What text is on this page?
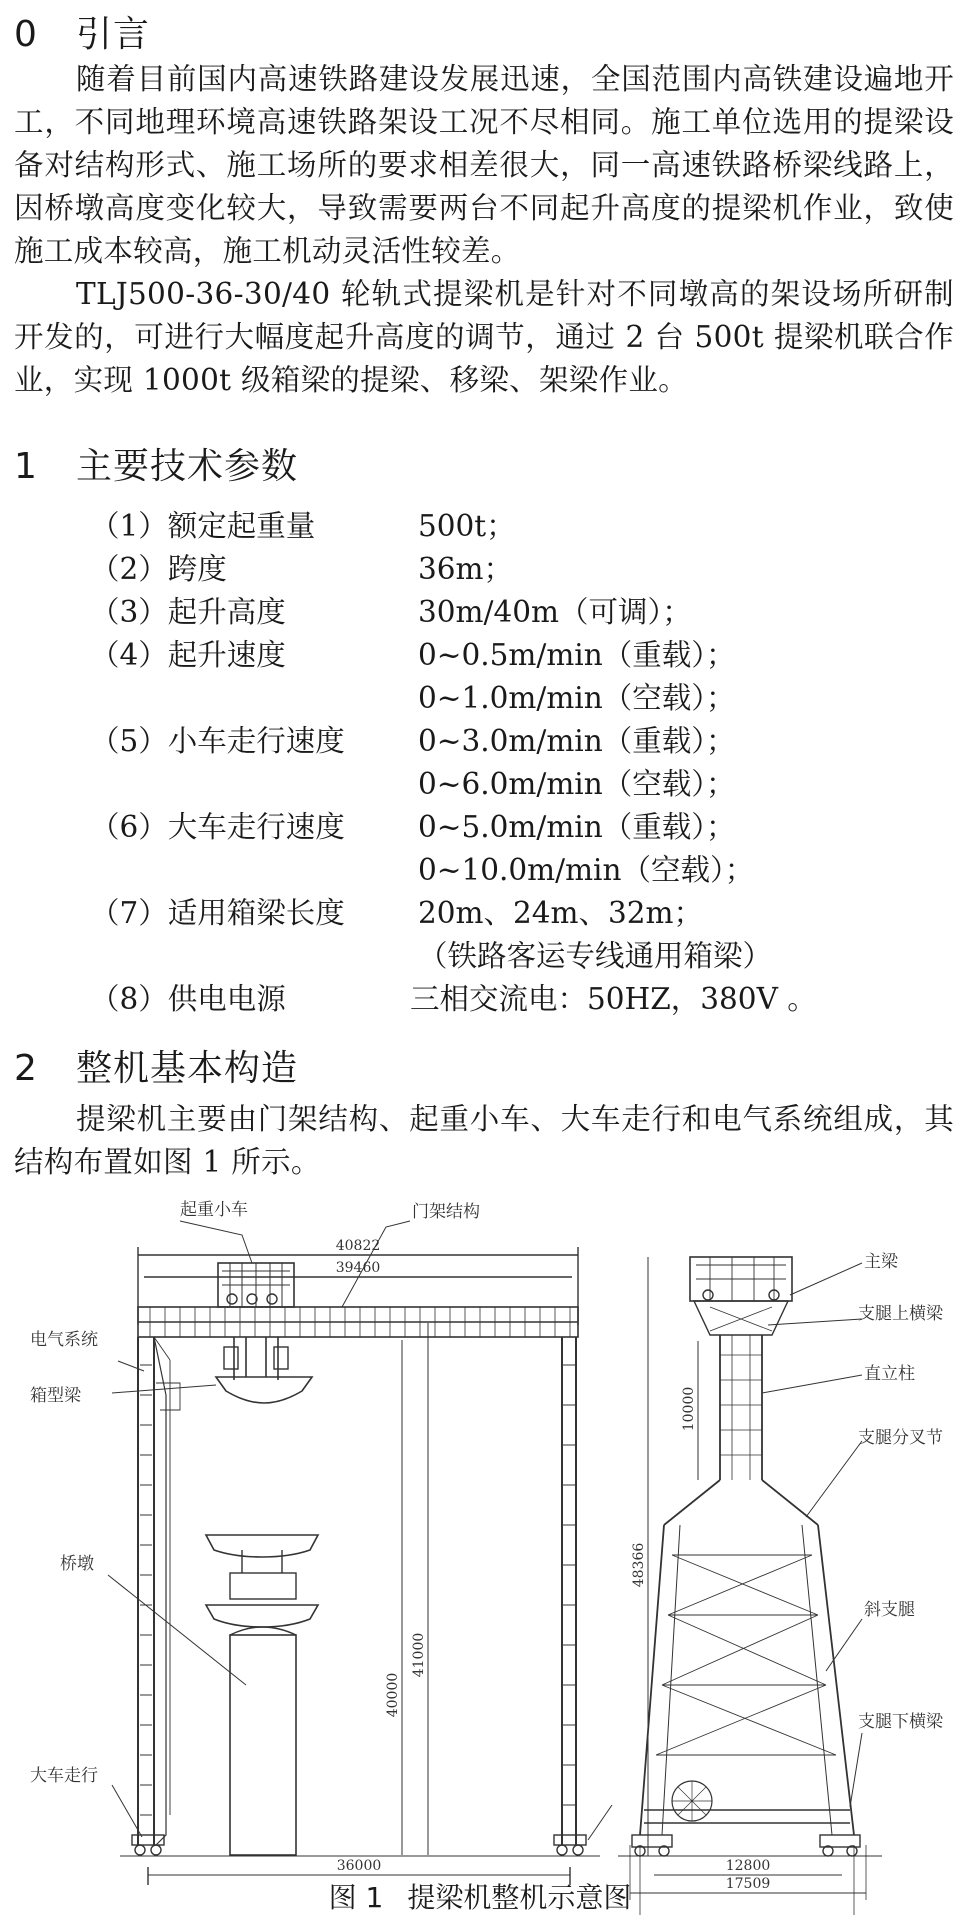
0 引言

随着目前国内高速铁路建设发展迅速，全国范围内高铁建设遍地开工，不同地理环境高速铁路架设工况不尽相同。施工单位选用的提梁设备对结构形式、施工场所的要求相差很大，同一高速铁路桥梁线路上，因桥墩高度变化较大，导致需要两台不同起升高度的提梁机作业，致使施工成本较高，施工机动灵活性较差。

TLJ500-36-30/40 轮轨式提梁机是针对不同墩高的架设场所研制开发的，可进行大幅度起升高度的调节，通过 2 台 500t 提梁机联合作业，实现 1000t 级箱梁的提梁、移梁、架梁作业。

1 主要技术参数
（1）额定起重量	500t；
（2）跨度	36m；
（3）起升高度	30m/40m（可调）；
（4）起升速度	0~0.5m/min（重载）；
0~1.0m/min（空载）；
（5）小车走行速度 0~3.0m/min（重载）；
0~6.0m/min（空载）；
（6）大车走行速度 0~5.0m/min（重载）；
0~10.0m/min（空载）；
（7）适用箱梁长度 20m、24m、32m；
（铁路客运专线通用箱梁）
（8）供电电源	三相交流电：50HZ，380V 。
2 整机基本构造

提梁机主要由门架结构、起重小车、大车走行和电气系统组成，其结构布置如图 1 所示。

40822
39460
36000
40000
41000
起重小车	门架结构
电气系统
箱型梁
桥墩
大车走行
12800
17509
48366
10000
主梁
支腿上横梁
直立柱
支腿分叉节
斜支腿
支腿下横梁
图 1 提梁机整机示意图
